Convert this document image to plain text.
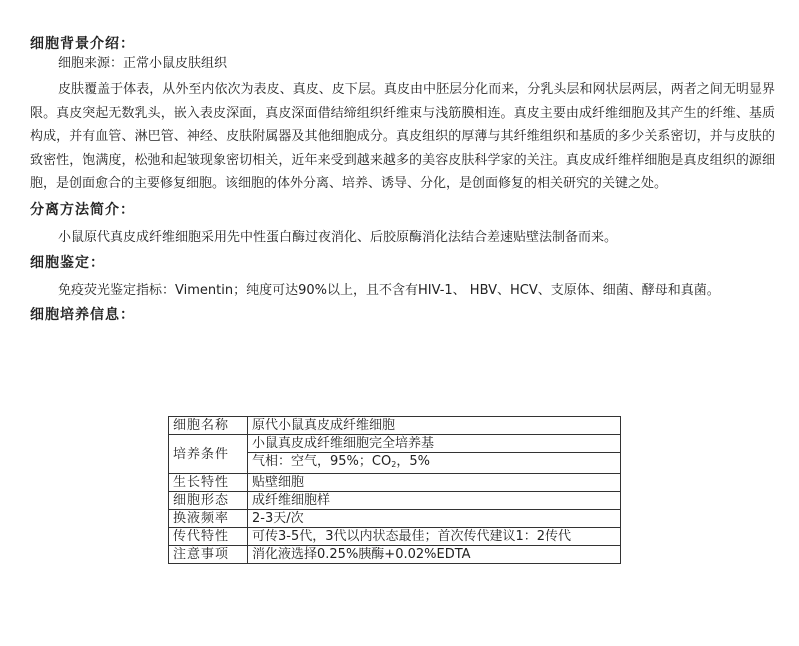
细胞背景介绍：
细胞来源：正常小鼠皮肤组织
皮肤覆盖于体表，从外至内依次为表皮、真皮、皮下层。真皮由中胚层分化而来，分乳头层和网状层两层，两者之间无明显界限。真皮突起无数乳头，嵌入表皮深面，真皮深面借结缔组织纤维束与浅筋膜相连。真皮主要由成纤维细胞及其产生的纤维、基质构成，并有血管、淋巴管、神经、皮肤附属器及其他细胞成分。真皮组织的厚薄与其纤维组织和基质的多少关系密切，并与皮肤的致密性，饱满度，松弛和起皱现象密切相关，近年来受到越来越多的美容皮肤科学家的关注。真皮成纤维样细胞是真皮组织的源细胞，是创面愈合的主要修复细胞。该细胞的体外分离、培养、诱导、分化，是创面修复的相关研究的关键之处。
分离方法简介：
小鼠原代真皮成纤维细胞采用先中性蛋白酶过夜消化、后胶原酶消化法结合差速贴壁法制备而来。
细胞鉴定：
免疫荧光鉴定指标：Vimentin；纯度可达90%以上，且不含有HIV-1、 HBV、HCV、支原体、细菌、酵母和真菌。
细胞培养信息：
细胞名称	原代小鼠真皮成纤维细胞
培养条件	小鼠真皮成纤维细胞完全培养基
	气相：空气，95%；$CO_2$，5%
生长特性	贴壁细胞
细胞形态	成纤维细胞样
换液频率	2-3天/次
传代特性	可传3-5代，3代以内状态最佳；首次传代建议1：2传代
注意事项	消化液选择0.25%胰酶+0.02%EDTA
